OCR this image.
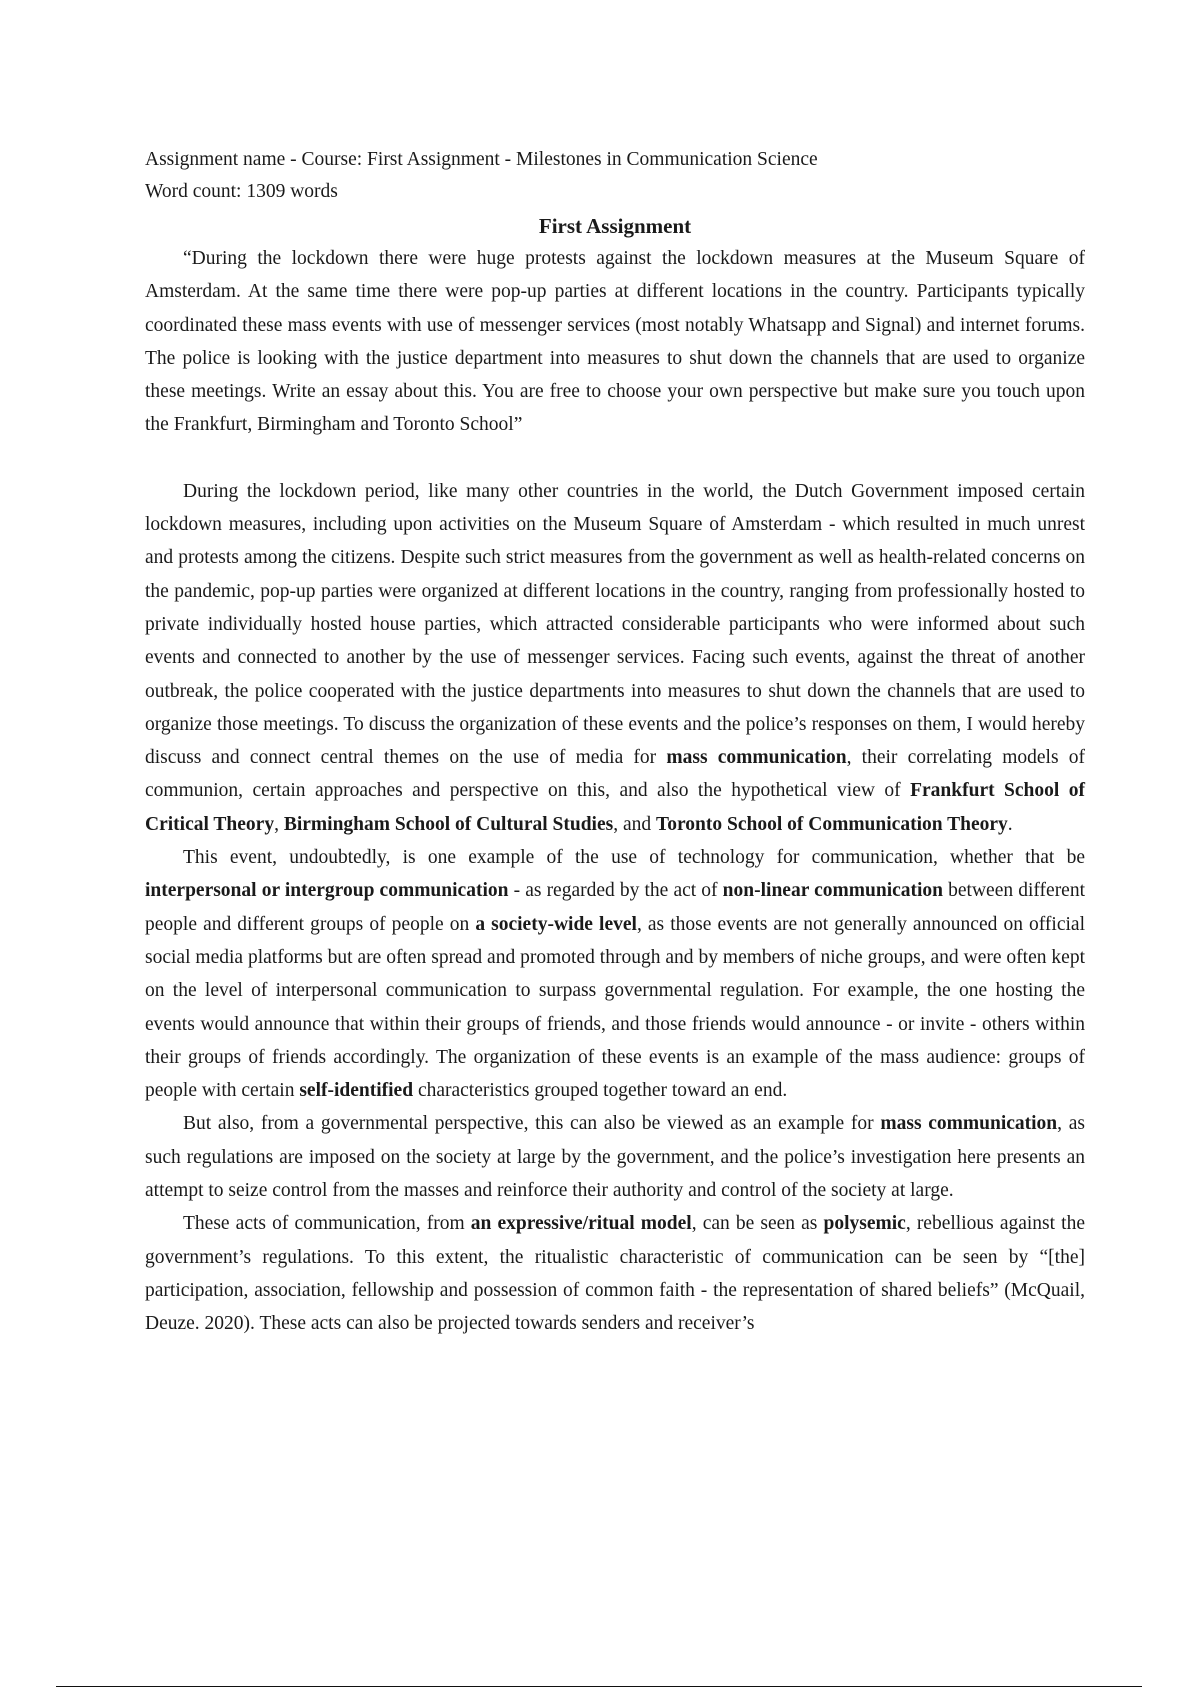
Assignment name - Course: First Assignment - Milestones in Communication Science

Word count: 1309 words

First Assignment

“During the lockdown there were huge protests against the lockdown measures at the Museum Square of Amsterdam. At the same time there were pop-up parties at different locations in the country. Participants typically coordinated these mass events with use of messenger services (most notably Whatsapp and Signal) and internet forums. The police is looking with the justice department into measures to shut down the channels that are used to organize these meetings. Write an essay about this. You are free to choose your own perspective but make sure you touch upon the Frankfurt, Birmingham and Toronto School”

During the lockdown period, like many other countries in the world, the Dutch Government imposed certain lockdown measures, including upon activities on the Museum Square of Amsterdam - which resulted in much unrest and protests among the citizens. Despite such strict measures from the government as well as health-related concerns on the pandemic, pop-up parties were organized at different locations in the country, ranging from professionally hosted to private individually hosted house parties, which attracted considerable participants who were informed about such events and connected to another by the use of messenger services. Facing such events, against the threat of another outbreak, the police cooperated with the justice departments into measures to shut down the channels that are used to organize those meetings. To discuss the organization of these events and the police’s responses on them, I would hereby discuss and connect central themes on the use of media for mass communication, their correlating models of communion, certain approaches and perspective on this, and also the hypothetical view of Frankfurt School of Critical Theory, Birmingham School of Cultural Studies, and Toronto School of Communication Theory.

This event, undoubtedly, is one example of the use of technology for communication, whether that be interpersonal or intergroup communication - as regarded by the act of non-linear communication between different people and different groups of people on a society-wide level, as those events are not generally announced on official social media platforms but are often spread and promoted through and by members of niche groups, and were often kept on the level of interpersonal communication to surpass governmental regulation. For example, the one hosting the events would announce that within their groups of friends, and those friends would announce - or invite - others within their groups of friends accordingly. The organization of these events is an example of the mass audience: groups of people with certain self-identified characteristics grouped together toward an end.

But also, from a governmental perspective, this can also be viewed as an example for mass communication, as such regulations are imposed on the society at large by the government, and the police’s investigation here presents an attempt to seize control from the masses and reinforce their authority and control of the society at large.

These acts of communication, from an expressive/ritual model, can be seen as polysemic, rebellious against the government’s regulations. To this extent, the ritualistic characteristic of communication can be seen by “[the] participation, association, fellowship and possession of common faith - the representation of shared beliefs” (McQuail, Deuze. 2020). These acts can also be projected towards senders and receiver’s
